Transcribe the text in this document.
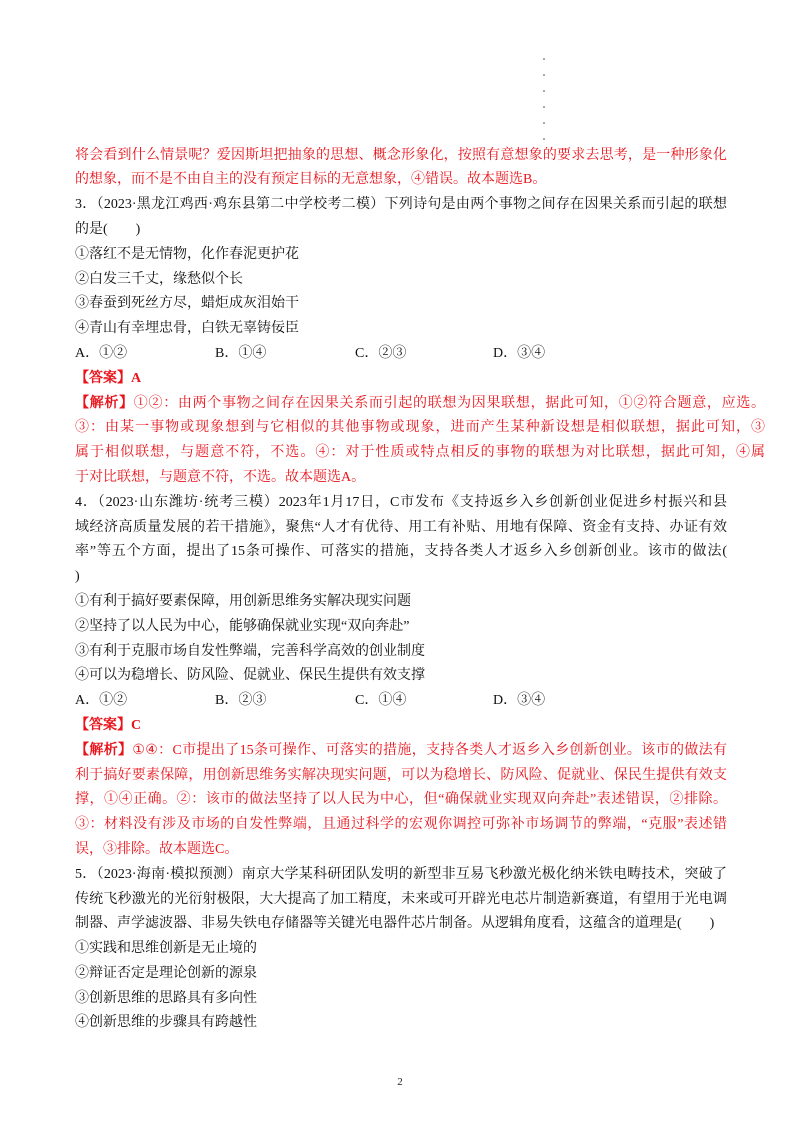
将会看到什么情景呢？爱因斯坦把抽象的思想、概念形象化，按照有意想象的要求去思考，是一种形象化
的想象，而不是不由自主的没有预定目标的无意想象，④错误。故本题选B。
3．（2023·黑龙江鸡西·鸡东县第二中学校考二模）下列诗句是由两个事物之间存在因果关系而引起的联想
的是(　　)
①落红不是无情物，化作春泥更护花
②白发三千丈，缘愁似个长
③春蚕到死丝方尽，蜡炬成灰泪始干
④青山有幸埋忠骨，白铁无辜铸佞臣
A．①②	B．①④	C．②③	D．③④
【答案】A
【解析】①②：由两个事物之间存在因果关系而引起的联想为因果联想，据此可知，①②符合题意，应选。
③：由某一事物或现象想到与它相似的其他事物或现象，进而产生某种新设想是相似联想，据此可知，③
属于相似联想，与题意不符，不选。④：对于性质或特点相反的事物的联想为对比联想，据此可知，④属
于对比联想，与题意不符，不选。故本题选A。
4．（2023·山东潍坊·统考三模）2023年1月17日，C市发布《支持返乡入乡创新创业促进乡村振兴和县
域经济高质量发展的若干措施》，聚焦“人才有优待、用工有补贴、用地有保障、资金有支持、办证有效
率”等五个方面，提出了15条可操作、可落实的措施，支持各类人才返乡入乡创新创业。该市的做法(
)
①有利于搞好要素保障，用创新思维务实解决现实问题
②坚持了以人民为中心，能够确保就业实现“双向奔赴”
③有利于克服市场自发性弊端，完善科学高效的创业制度
④可以为稳增长、防风险、促就业、保民生提供有效支撑
A．①②	B．②③	C．①④	D．③④
【答案】C
【解析】①④：C市提出了15条可操作、可落实的措施，支持各类人才返乡入乡创新创业。该市的做法有
利于搞好要素保障，用创新思维务实解决现实问题，可以为稳增长、防风险、促就业、保民生提供有效支
撑，①④正确。②：该市的做法坚持了以人民为中心，但“确保就业实现双向奔赴”表述错误，②排除。
③：材料没有涉及市场的自发性弊端，且通过科学的宏观你调控可弥补市场调节的弊端，“克服”表述错
误，③排除。故本题选C。
5．（2023·海南·模拟预测）南京大学某科研团队发明的新型非互易飞秒激光极化纳米铁电畴技术，突破了
传统飞秒激光的光衍射极限，大大提高了加工精度，未来或可开辟光电芯片制造新赛道，有望用于光电调
制器、声学滤波器、非易失铁电存储器等关键光电器件芯片制备。从逻辑角度看，这蕴含的道理是(　　)
①实践和思维创新是无止境的
②辩证否定是理论创新的源泉
③创新思维的思路具有多向性
④创新思维的步骤具有跨越性
2
